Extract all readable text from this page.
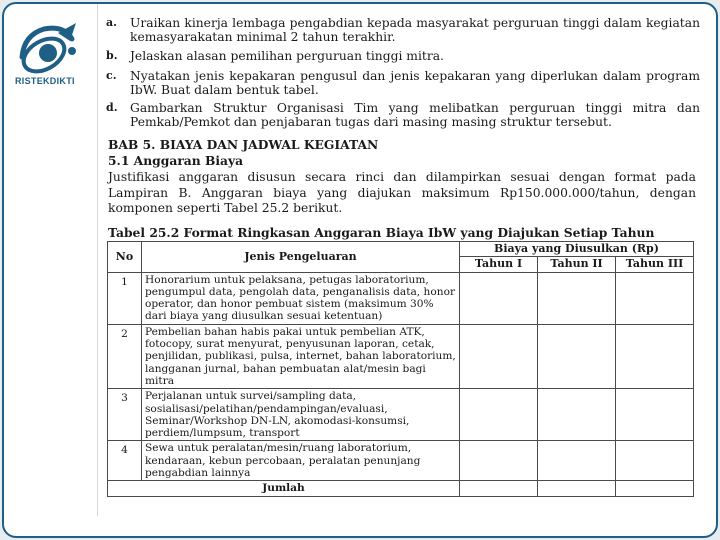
RISTEKDIKTI
a. Uraikan kinerja lembaga pengabdian kepada masyarakat perguruan tinggi dalam kegiatan kemasyarakatan minimal 2 tahun terakhir.
b. Jelaskan alasan pemilihan perguruan tinggi mitra.
c. Nyatakan jenis kepakaran pengusul dan jenis kepakaran yang diperlukan dalam program IbW. Buat dalam bentuk tabel.
d. Gambarkan Struktur Organisasi Tim yang melibatkan perguruan tinggi mitra dan Pemkab/Pemkot dan penjabaran tugas dari masing masing struktur tersebut.
BAB 5. BIAYA DAN JADWAL KEGIATAN
5.1 Anggaran Biaya
Justifikasi anggaran disusun secara rinci dan dilampirkan sesuai dengan format pada Lampiran B. Anggaran biaya yang diajukan maksimum Rp150.000.000/tahun, dengan komponen seperti Tabel 25.2 berikut.
Tabel 25.2 Format Ringkasan Anggaran Biaya IbW yang Diajukan Setiap Tahun
No	Jenis Pengeluaran	Biaya yang Diusulkan (Rp)		
		Tahun I	Tahun II	Tahun III
1	Honorarium untuk pelaksana, petugas laboratorium, pengumpul data, pengolah data, penganalisis data, honor operator, dan honor pembuat sistem (maksimum 30% dari biaya yang diusulkan sesuai ketentuan)			
2	Pembelian bahan habis pakai untuk pembelian ATK, fotocopy, surat menyurat, penyusunan laporan, cetak, penjilidan, publikasi, pulsa, internet, bahan laboratorium, langganan jurnal, bahan pembuatan alat/mesin bagi mitra			
3	Perjalanan untuk survei/sampling data, sosialisasi/pelatihan/pendampingan/evaluasi, Seminar/Workshop DN-LN, akomodasi-konsumsi, perdiem/lumpsum, transport			
4	Sewa untuk peralatan/mesin/ruang laboratorium, kendaraan, kebun percobaan, peralatan penunjang pengabdian lainnya			
Jumlah				
